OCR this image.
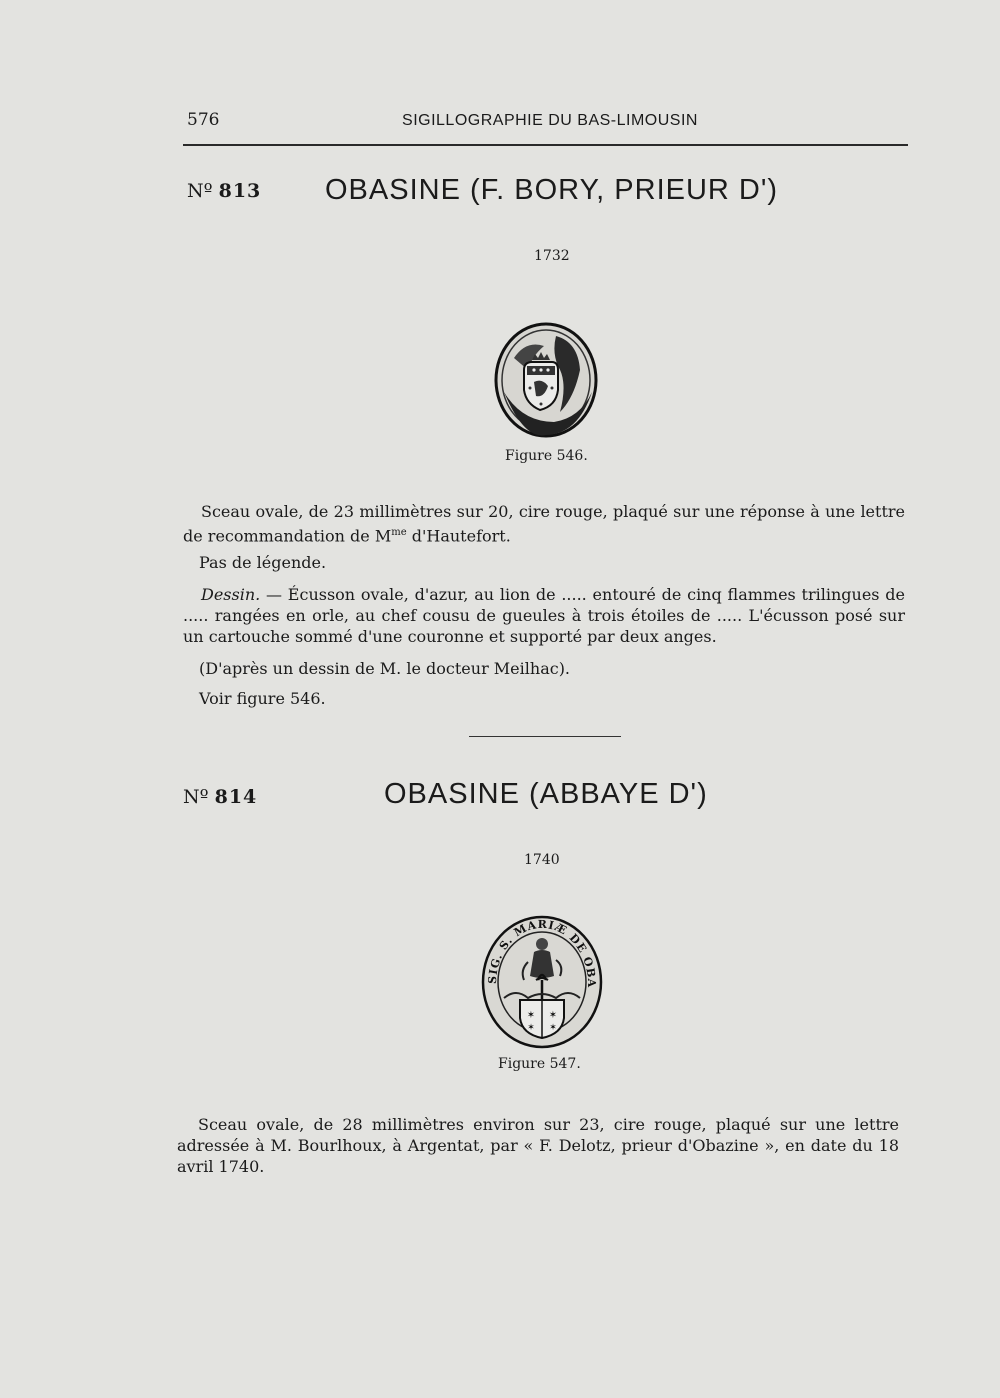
576	SIGILLOGRAPHIE DU BAS-LIMOUSIN
Nº 813 OBASINE (F. BORY, PRIEUR D')
1732
Figure 546.

Sceau ovale, de 23 millimètres sur 20, cire rouge, plaqué sur une réponse à une lettre de recommandation de $M^{me}$ d'Hautefort.

Pas de légende.

Dessin. — Écusson ovale, d'azur, au lion de ..... entouré de cinq flammes trilingues de ..... rangées en orle, au chef cousu de gueules à trois étoiles de ..... L'écusson posé sur un cartouche sommé d'une couronne et supporté par deux anges.

(D'après un dessin de M. le docteur Meilhac).
Voir figure 546.
Nº 814	OBASINE (ABBAYE D')
1740
SIG. S. MARIÆ DE OBA
✶ ✶
✶ ✶
Figure 547.

Sceau ovale, de 28 millimètres environ sur 23, cire rouge, plaqué sur une lettre adressée à M. Bourlhoux, à Argentat, par « F. Delotz, prieur d'Obazine », en date du 18 avril 1740.
